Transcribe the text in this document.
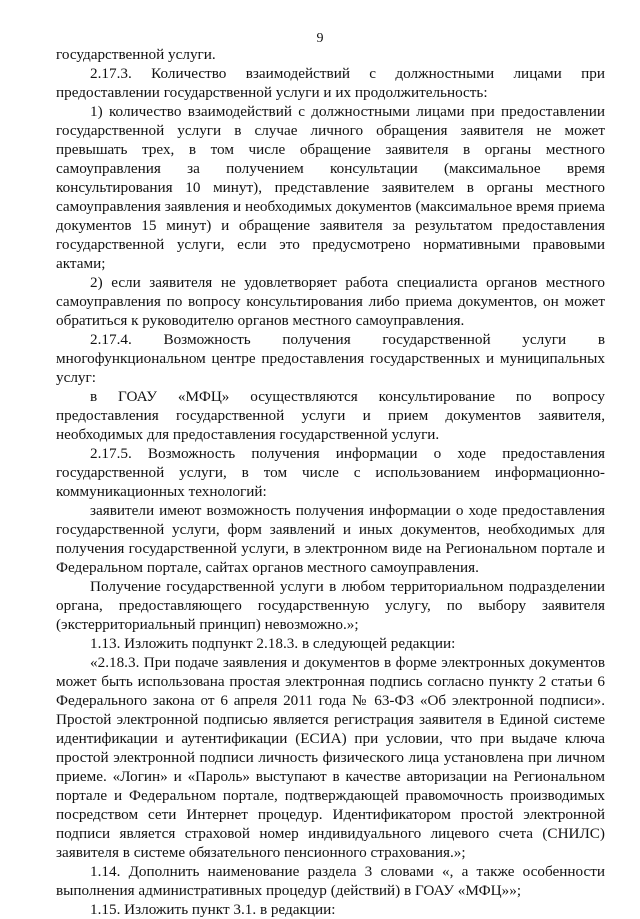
9

государственной услуги.

2.17.3. Количество взаимодействий с должностными лицами при предоставлении государственной услуги и их продолжительность:

1) количество взаимодействий с должностными лицами при предоставлении государственной услуги в случае личного обращения заявителя не может превышать трех, в том числе обращение заявителя в органы местного самоуправления за получением консультации (максимальное время консультирования 10 минут), представление заявителем в органы местного самоуправления заявления и необходимых документов (максимальное время приема документов 15 минут) и обращение заявителя за результатом предоставления государственной услуги, если это предусмотрено нормативными правовыми актами;

2) если заявителя не удовлетворяет работа специалиста органов местного самоуправления по вопросу консультирования либо приема документов, он может обратиться к руководителю органов местного самоуправления.

2.17.4. Возможность получения государственной услуги в многофункциональном центре предоставления государственных и муниципальных услуг:

в ГОАУ «МФЦ» осуществляются консультирование по вопросу предоставления государственной услуги и прием документов заявителя, необходимых для предоставления государственной услуги.

2.17.5. Возможность получения информации о ходе предоставления государственной услуги, в том числе с использованием информационно-коммуникационных технологий:

заявители имеют возможность получения информации о ходе предоставления государственной услуги, форм заявлений и иных документов, необходимых для получения государственной услуги, в электронном виде на Региональном портале и Федеральном портале, сайтах органов местного самоуправления.

Получение государственной услуги в любом территориальном подразделении органа, предоставляющего государственную услугу, по выбору заявителя (экстерриториальный принцип) невозможно.»;

1.13. Изложить подпункт 2.18.3. в следующей редакции:

«2.18.3. При подаче заявления и документов в форме электронных документов может быть использована простая электронная подпись согласно пункту 2 статьи 6 Федерального закона от 6 апреля 2011 года № 63-ФЗ «Об электронной подписи». Простой электронной подписью является регистрация заявителя в Единой системе идентификации и аутентификации (ЕСИА) при условии, что при выдаче ключа простой электронной подписи личность физического лица установлена при личном приеме. «Логин» и «Пароль» выступают в качестве авторизации на Региональном портале и Федеральном портале, подтверждающей правомочность производимых посредством сети Интернет процедур. Идентификатором простой электронной подписи является страховой номер индивидуального лицевого счета (СНИЛС) заявителя в системе обязательного пенсионного страхования.»;

1.14. Дополнить наименование раздела 3 словами «, а также особенности выполнения административных процедур (действий) в ГОАУ «МФЦ»»;

1.15. Изложить пункт 3.1. в редакции:
